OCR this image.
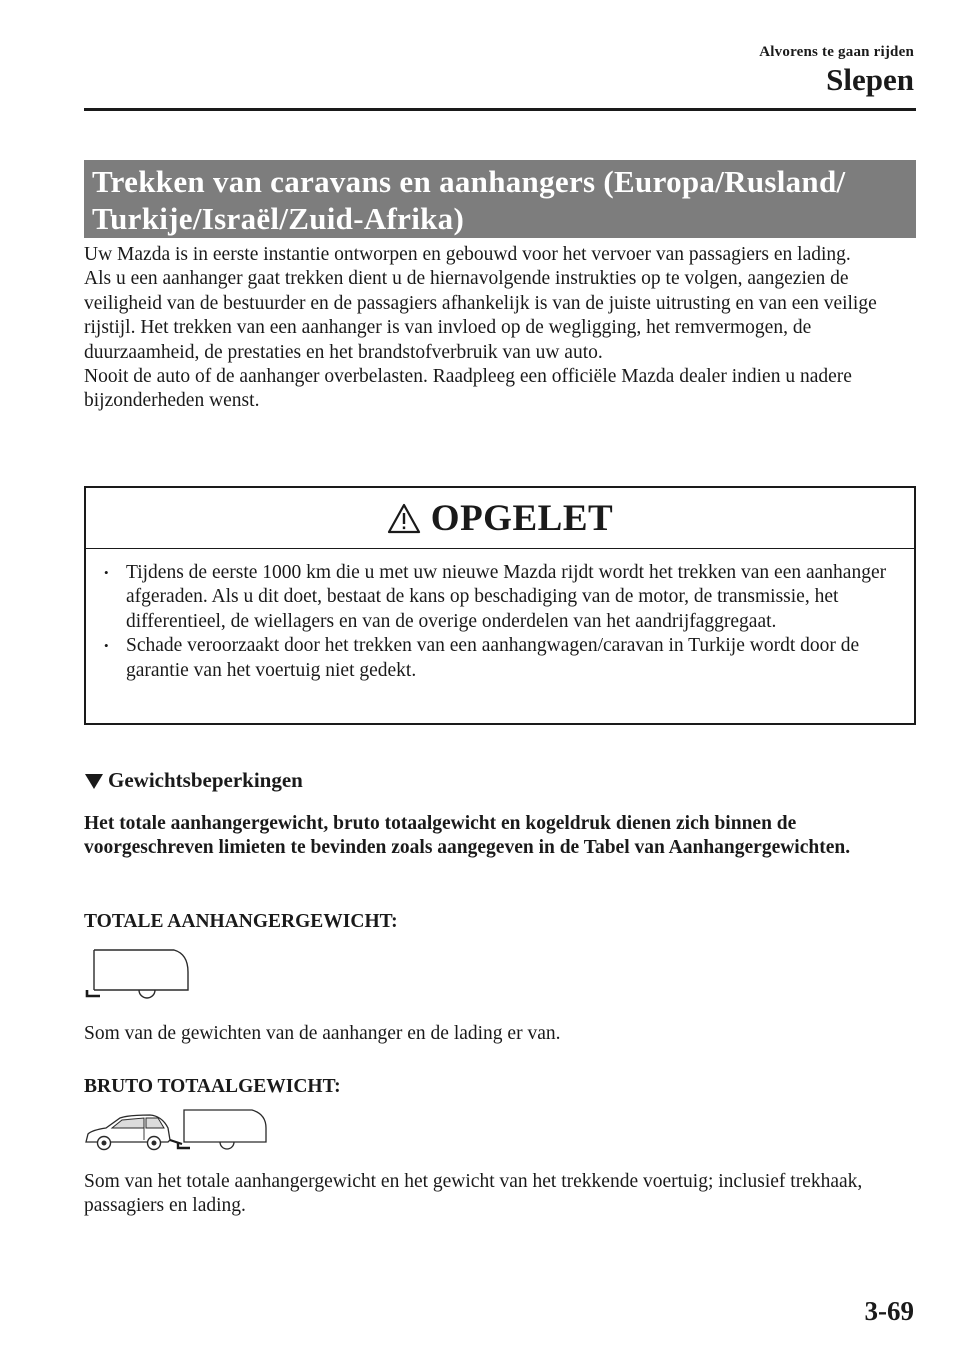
Alvorens te gaan rijden
Slepen
Trekken van caravans en aanhangers (Europa/Rusland/
Turkije/Israël/Zuid-Afrika)

Uw Mazda is in eerste instantie ontworpen en gebouwd voor het vervoer van passagiers en lading.

Als u een aanhanger gaat trekken dient u de hiernavolgende instrukties op te volgen, aangezien de veiligheid van de bestuurder en de passagiers afhankelijk is van de juiste uitrusting en van een veilige rijstijl. Het trekken van een aanhanger is van invloed op de wegligging, het remvermogen, de duurzaamheid, de prestaties en het brandstofverbruik van uw auto.

Nooit de auto of de aanhanger overbelasten. Raadpleeg een officiële Mazda dealer indien u nadere bijzonderheden wenst.

OPGELET
• Tijdens de eerste 1000 km die u met uw nieuwe Mazda rijdt wordt het trekken van een aanhanger afgeraden. Als u dit doet, bestaat de kans op beschadiging van de motor, de transmissie, het differentieel, de wiellagers en van de overige onderdelen van het aandrijfaggregaat.
• Schade veroorzaakt door het trekken van een aanhangwagen/caravan in Turkije wordt door de garantie van het voertuig niet gedekt.
Gewichtsbeperkingen
Het totale aanhangergewicht, bruto totaalgewicht en kogeldruk dienen zich binnen de voorgeschreven limieten te bevinden zoals aangegeven in de Tabel van Aanhangergewichten.
TOTALE AANHANGERGEWICHT:
Som van de gewichten van de aanhanger en de lading er van.
BRUTO TOTAALGEWICHT:
Som van het totale aanhangergewicht en het gewicht van het trekkende voertuig; inclusief trekhaak, passagiers en lading.
3-69
